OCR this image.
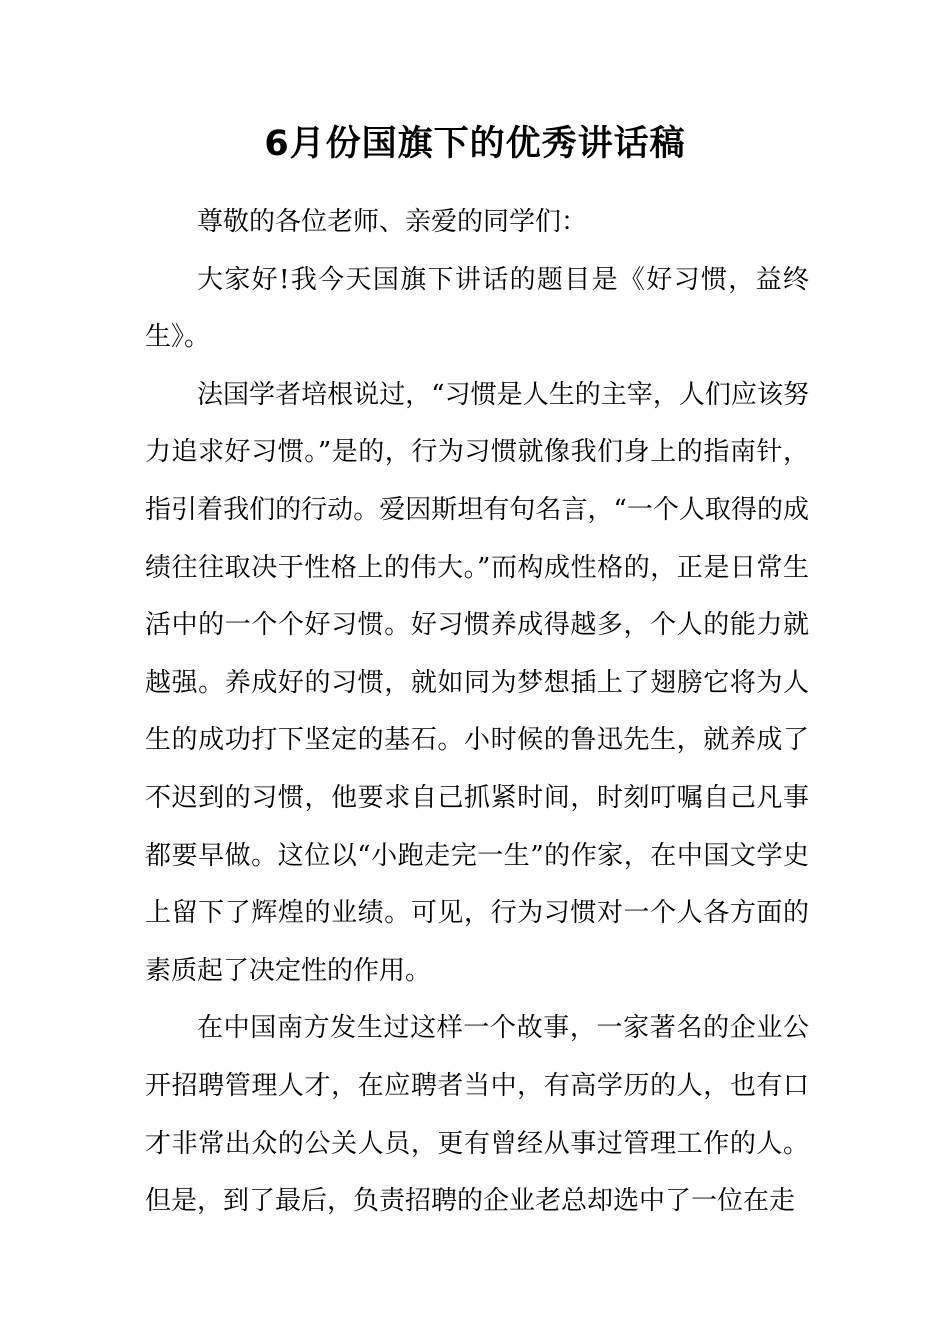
6月份国旗下的优秀讲话稿

尊敬的各位老师、亲爱的同学们：

大家好!我今天国旗下讲话的题目是《好习惯，益终生》。

法国学者培根说过，“习惯是人生的主宰，人们应该努力追求好习惯。”是的，行为习惯就像我们身上的指南针，指引着我们的行动。爱因斯坦有句名言，“一个人取得的成绩往往取决于性格上的伟大。”而构成性格的，正是日常生活中的一个个好习惯。好习惯养成得越多，个人的能力就越强。养成好的习惯，就如同为梦想插上了翅膀它将为人生的成功打下坚定的基石。小时候的鲁迅先生，就养成了不迟到的习惯，他要求自己抓紧时间，时刻叮嘱自己凡事都要早做。这位以“小跑走完一生”的作家，在中国文学史上留下了辉煌的业绩。可见，行为习惯对一个人各方面的素质起了决定性的作用。

在中国南方发生过这样一个故事，一家著名的企业公开招聘管理人才，在应聘者当中，有高学历的人，也有口才非常出众的公关人员，更有曾经从事过管理工作的人。但是，到了最后，负责招聘的企业老总却选中了一位在走
